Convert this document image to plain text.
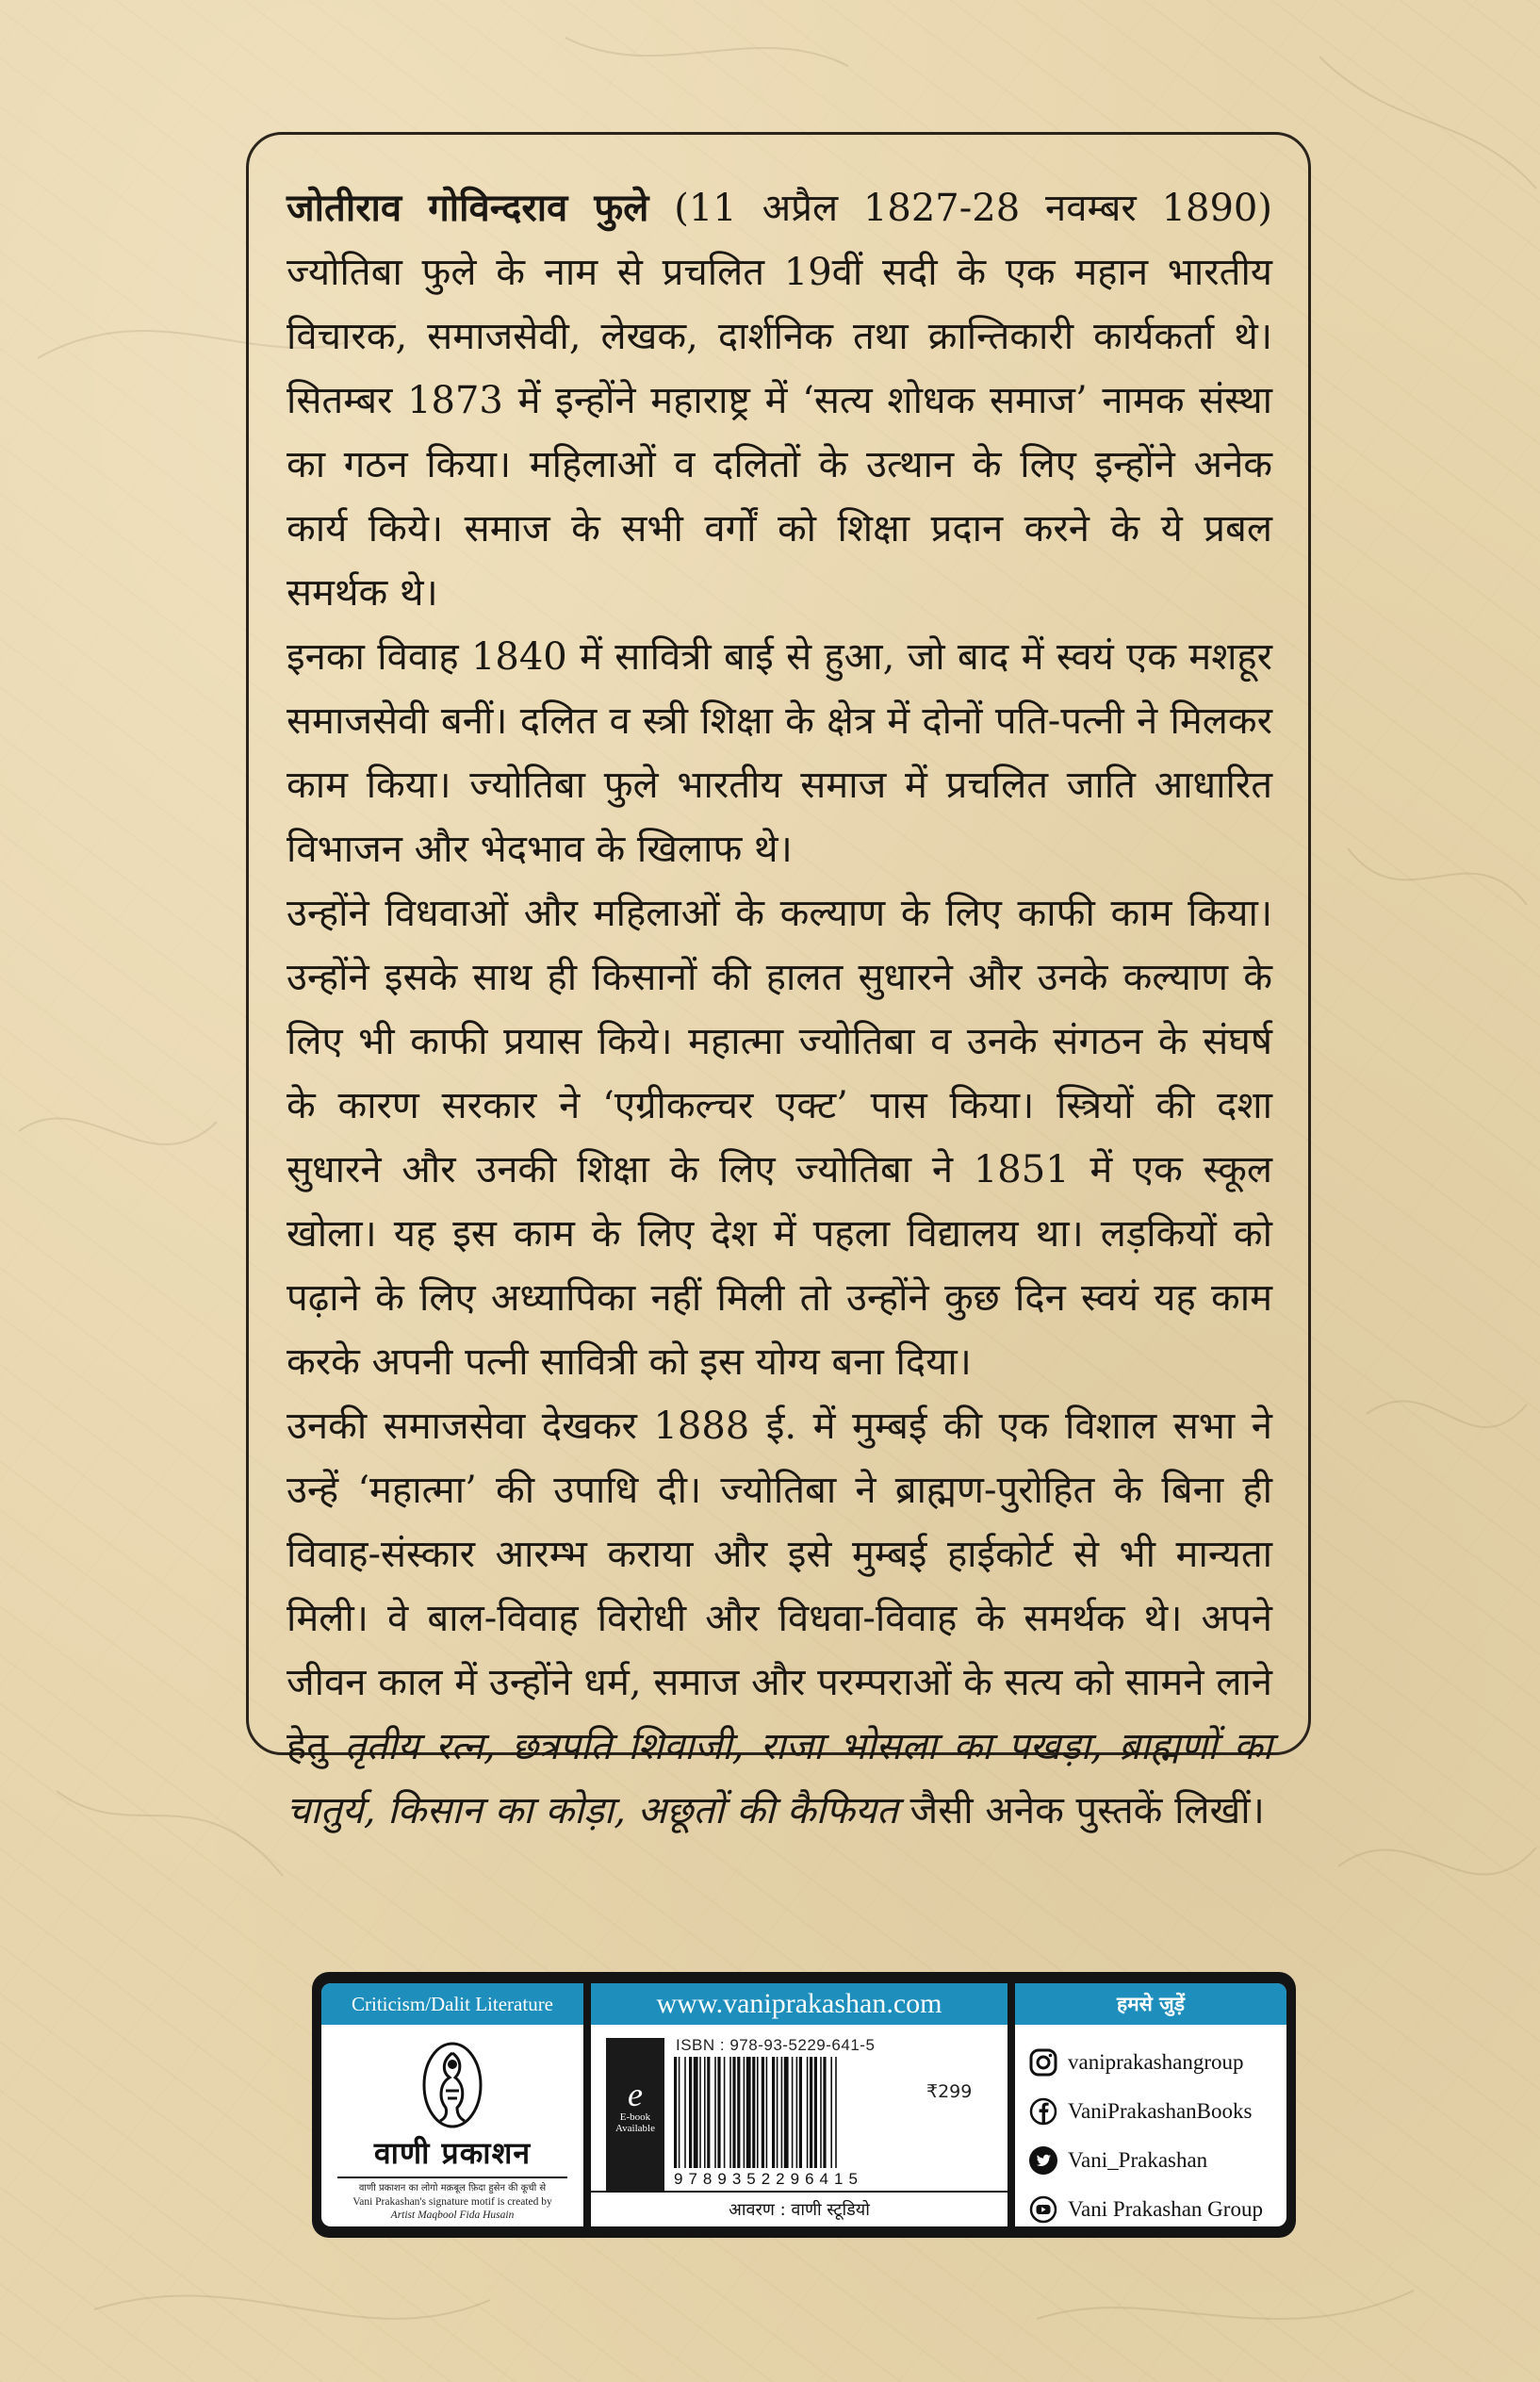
जोतीराव गोविन्दराव फुले (11 अप्रैल 1827-28 नवम्बर 1890) ज्योतिबा फुले के नाम से प्रचलित 19वीं सदी के एक महान भारतीय विचारक, समाजसेवी, लेखक, दार्शनिक तथा क्रान्तिकारी कार्यकर्ता थे। सितम्बर 1873 में इन्होंने महाराष्ट्र में ‘सत्य शोधक समाज’ नामक संस्था का गठन किया। महिलाओं व दलितों के उत्थान के लिए इन्होंने अनेक कार्य किये। समाज के सभी वर्गों को शिक्षा प्रदान करने के ये प्रबल समर्थक थे।

इनका विवाह 1840 में सावित्री बाई से हुआ, जो बाद में स्वयं एक मशहूर समाजसेवी बनीं। दलित व स्त्री शिक्षा के क्षेत्र में दोनों पति-पत्नी ने मिलकर काम किया। ज्योतिबा फुले भारतीय समाज में प्रचलित जाति आधारित विभाजन और भेदभाव के खिलाफ थे।

उन्होंने विधवाओं और महिलाओं के कल्याण के लिए काफी काम किया। उन्होंने इसके साथ ही किसानों की हालत सुधारने और उनके कल्याण के लिए भी काफी प्रयास किये। महात्मा ज्योतिबा व उनके संगठन के संघर्ष के कारण सरकार ने ‘एग्रीकल्चर एक्ट’ पास किया। स्त्रियों की दशा सुधारने और उनकी शिक्षा के लिए ज्योतिबा ने 1851 में एक स्कूल खोला। यह इस काम के लिए देश में पहला विद्यालय था। लड़कियों को पढ़ाने के लिए अध्यापिका नहीं मिली तो उन्होंने कुछ दिन स्वयं यह काम करके अपनी पत्नी सावित्री को इस योग्य बना दिया।

उनकी समाजसेवा देखकर 1888 ई. में मुम्बई की एक विशाल सभा ने उन्हें ‘महात्मा’ की उपाधि दी। ज्योतिबा ने ब्राह्मण-पुरोहित के बिना ही विवाह-संस्कार आरम्भ कराया और इसे मुम्बई हाईकोर्ट से भी मान्यता मिली। वे बाल-विवाह विरोधी और विधवा-विवाह के समर्थक थे। अपने जीवन काल में उन्होंने धर्म, समाज और परम्पराओं के सत्य को सामने लाने हेतु तृतीय रत्न, छत्रपति शिवाजी, राजा भोसला का पखड़ा, ब्राह्मणों का चातुर्य, किसान का कोड़ा, अछूतों की कैफियत जैसी अनेक पुस्तकें लिखीं।

Criticism/Dalit Literature
वाणी प्रकाशन
वाणी प्रकाशन का लोगो मक़बूल फ़िदा हुसेन की कूची से
Vani Prakashan's signature motif is created by
Artist Maqbool Fida Husain
www.vaniprakashan.com
e
E-book
Available
ISBN : 978-93-5229-641-5
9789352296415
₹299
आवरण : वाणी स्टूडियो
हमसे जुड़ें
vaniprakashangroup
VaniPrakashanBooks
Vani_Prakashan
Vani Prakashan Group
